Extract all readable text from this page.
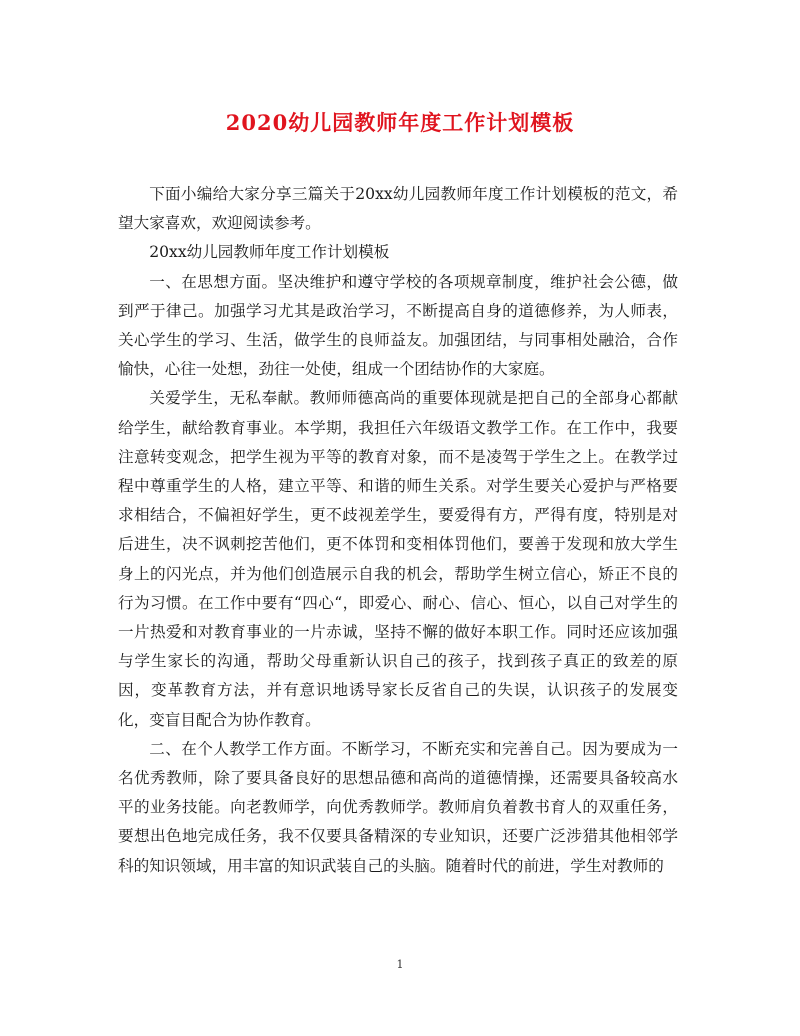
2020幼儿园教师年度工作计划模板

下面小编给大家分享三篇关于20xx幼儿园教师年度工作计划模板的范文，希望大家喜欢，欢迎阅读参考。

20xx幼儿园教师年度工作计划模板

一、在思想方面。坚决维护和遵守学校的各项规章制度，维护社会公德，做到严于律己。加强学习尤其是政治学习，不断提高自身的道德修养，为人师表，关心学生的学习、生活，做学生的良师益友。加强团结，与同事相处融洽，合作愉快，心往一处想，劲往一处使，组成一个团结协作的大家庭。

关爱学生，无私奉献。教师师德高尚的重要体现就是把自己的全部身心都献给学生，献给教育事业。本学期，我担任六年级语文教学工作。在工作中，我要注意转变观念，把学生视为平等的教育对象，而不是凌驾于学生之上。在教学过程中尊重学生的人格，建立平等、和谐的师生关系。对学生要关心爱护与严格要求相结合，不偏袒好学生，更不歧视差学生，要爱得有方，严得有度，特别是对后进生，决不讽刺挖苦他们，更不体罚和变相体罚他们，要善于发现和放大学生身上的闪光点，并为他们创造展示自我的机会，帮助学生树立信心，矫正不良的行为习惯。在工作中要有“四心“，即爱心、耐心、信心、恒心，以自己对学生的一片热爱和对教育事业的一片赤诚，坚持不懈的做好本职工作。同时还应该加强与学生家长的沟通，帮助父母重新认识自己的孩子，找到孩子真正的致差的原因，变革教育方法，并有意识地诱导家长反省自己的失误，认识孩子的发展变化，变盲目配合为协作教育。

二、在个人教学工作方面。不断学习，不断充实和完善自己。因为要成为一名优秀教师，除了要具备良好的思想品德和高尚的道德情操，还需要具备较高水平的业务技能。向老教师学，向优秀教师学。教师肩负着教书育人的双重任务，要想出色地完成任务，我不仅要具备精深的专业知识，还要广泛涉猎其他相邻学科的知识领域，用丰富的知识武装自己的头脑。随着时代的前进，学生对教师的

1
